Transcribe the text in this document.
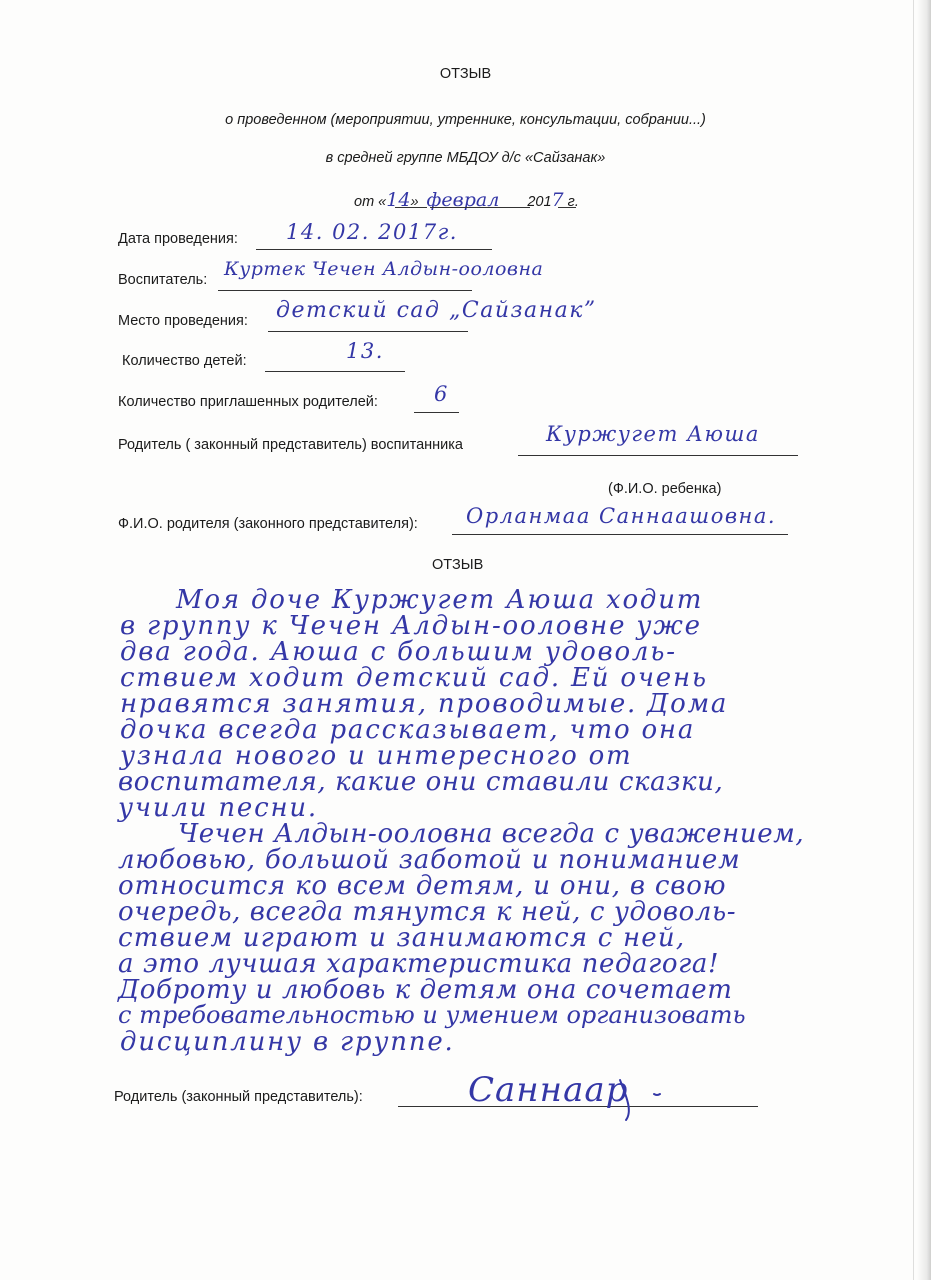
ОТЗЫВ
о проведенном (мероприятии, утреннике, консультации, собрании...)
в средней группе МБДОУ д/с «Сайзанак»
от «14» феврал 2017 г.
Дата проведения: 14. 02. 2017г.
Воспитатель: Куртек Чечен Алдын-ооловна
Место проведения: детский сад „Сайзанак”
Количество детей:	13.
Количество приглашенных родителей:	6
Родитель ( законный представитель) воспитанника	Куржугет Аюша
(Ф.И.О. ребенка)
Ф.И.О. родителя (законного представителя): Орланмаа Саннаашовна.
ОТЗЫВ
Моя доче Куржугет Аюша ходит
в группу к Чечен Алдын-ооловне уже
два года. Аюша с большим удоволь-
ствием ходит детский сад. Ей очень
нравятся занятия, проводимые. Дома
дочка всегда рассказывает, что она
узнала нового и интересного от
воспитателя, какие они ставили сказки,
учили песни.
Чечен Алдын-ооловна всегда с уважением,
любовью, большой заботой и пониманием
относится ко всем детям, и они, в свою
очередь, всегда тянутся к ней, с удоволь-
ствием играют и занимаются с ней,
а это лучшая характеристика педагога!
Доброту и любовь к детям она сочетает
с требовательностью и умением организовать
дисциплину в группе.
Родитель (законный представитель):	Саннаар
